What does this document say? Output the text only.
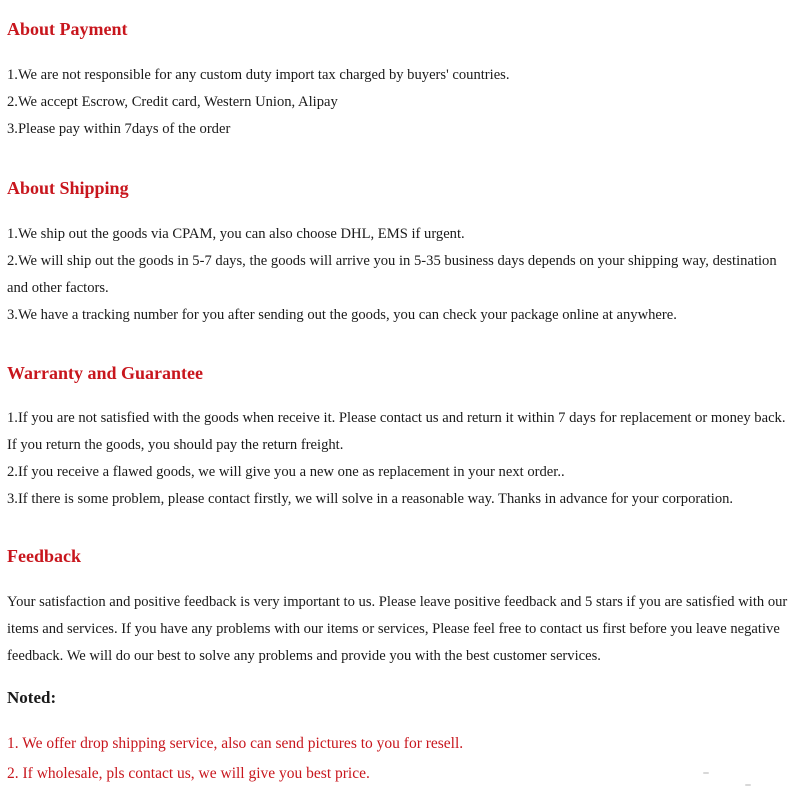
About Payment

1.We are not responsible for any custom duty import tax charged by buyers' countries.

2.We accept Escrow, Credit card, Western Union, Alipay

3.Please pay within 7days of the order

About Shipping

1.We ship out the goods via CPAM, you can also choose DHL, EMS if urgent.

2.We will ship out the goods in 5-7 days, the goods will arrive you in 5-35 business days depends on your shipping way, destination and other factors.

3.We have a tracking number for you after sending out the goods, you can check your package online at anywhere.

Warranty and Guarantee

1.If you are not satisfied with the goods when receive it. Please contact us and return it within 7 days for replacement or money back. If you return the goods, you should pay the return freight.

2.If you receive a flawed goods, we will give you a new one as replacement in your next order..

3.If there is some problem, please contact firstly, we will solve in a reasonable way. Thanks in advance for your corporation.

Feedback

Your satisfaction and positive feedback is very important to us. Please leave positive feedback and 5 stars if you are satisfied with our items and services. If you have any problems with our items or services, Please feel free to contact us first before you leave negative feedback. We will do our best to solve any problems and provide you with the best customer services.

Noted:

1. We offer drop shipping service, also can send pictures to you for resell.

2. If wholesale, pls contact us, we will give you best price.
